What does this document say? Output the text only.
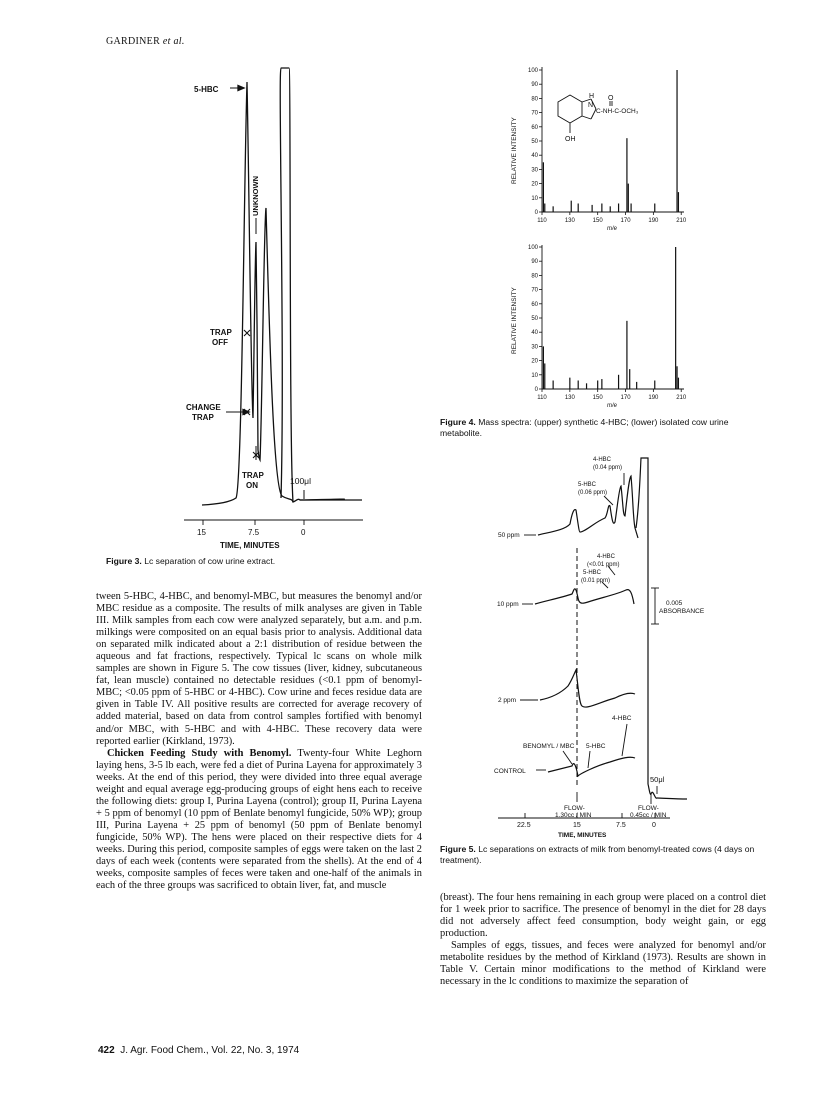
GARDINER et al.
5-HBC
UNKNOWN
TRAP
OFF
CHANGE
TRAP
TRAP
ON	100μl
15	7.5	0
TIME, MINUTES
Figure 3. Lc separation of cow urine extract.
100
90
80
70
60
50
40
30
20
10
0
110	130	150	170	190	210
100
90
80
70
60
50
40
30
20
10
0
110	130	150	170	190	210
H
N
C-NH-C-OCH₃
O
OH
RELATIVE INTENSITY
RELATIVE INTENSITY
m/e
m/e
Figure 4. Mass spectra: (upper) synthetic 4-HBC; (lower) isolated cow urine metabolite.
4-HBC
(0.04 ppm)
5-HBC
(0.06 ppm)
4-HBC
(<0.01 ppm)
5-HBC
(0.01 ppm)
50 ppm
10 ppm
2 ppm
CONTROL
BENOMYL / MBC 5-HBC
4-HBC
0.005
ABSORBANCE
50μl
FLOW-
1.30cc / MIN
FLOW-
0.45cc / MIN
22.5	15	7.5	0
TIME, MINUTES
Figure 5. Lc separations on extracts of milk from benomyl-treated cows (4 days on treatment).

tween 5-HBC, 4-HBC, and benomyl-MBC, but measures the benomyl and/or MBC residue as a composite. The results of milk analyses are given in Table III. Milk samples from each cow were analyzed separately, but a.m. and p.m. milkings were composited on an equal basis prior to analysis. Additional data on separated milk indicated about a 2:1 distribution of residue between the aqueous and fat fractions, respectively. Typical lc scans on whole milk samples are shown in Figure 5. The cow tissues (liver, kidney, subcutaneous fat, lean muscle) contained no detectable residues (<0.1 ppm of benomyl-MBC; <0.05 ppm of 5-HBC or 4-HBC). Cow urine and feces residue data are given in Table IV. All positive results are corrected for average recovery of added material, based on data from control samples fortified with benomyl and/or MBC, with 5-HBC and with 4-HBC. These recovery data were reported earlier (Kirkland, 1973).

Chicken Feeding Study with Benomyl. Twenty-four White Leghorn laying hens, 3-5 lb each, were fed a diet of Purina Layena for approximately 3 weeks. At the end of this period, they were divided into three equal average weight and equal average egg-producing groups of eight hens each to receive the following diets: group I, Purina Layena (control); group II, Purina Layena + 5 ppm of benomyl (10 ppm of Benlate benomyl fungicide, 50% WP); group III, Purina Layena + 25 ppm of benomyl (50 ppm of Benlate benomyl fungicide, 50% WP). The hens were placed on their respective diets for 4 weeks. During this period, composite samples of eggs were taken on the last 2 days of each week (contents were separated from the shells). At the end of 4 weeks, composite samples of feces were taken and one-half of the animals in each of the three groups was sacrificed to obtain liver, fat, and muscle

(breast). The four hens remaining in each group were placed on a control diet for 1 week prior to sacrifice. The presence of benomyl in the diet for 28 days did not adversely affect feed consumption, body weight gain, or egg production.

Samples of eggs, tissues, and feces were analyzed for benomyl and/or metabolite residues by the method of Kirkland (1973). Results are shown in Table V. Certain minor modifications to the method of Kirkland were necessary in the lc conditions to maximize the separation of

422 J. Agr. Food Chem., Vol. 22, No. 3, 1974
